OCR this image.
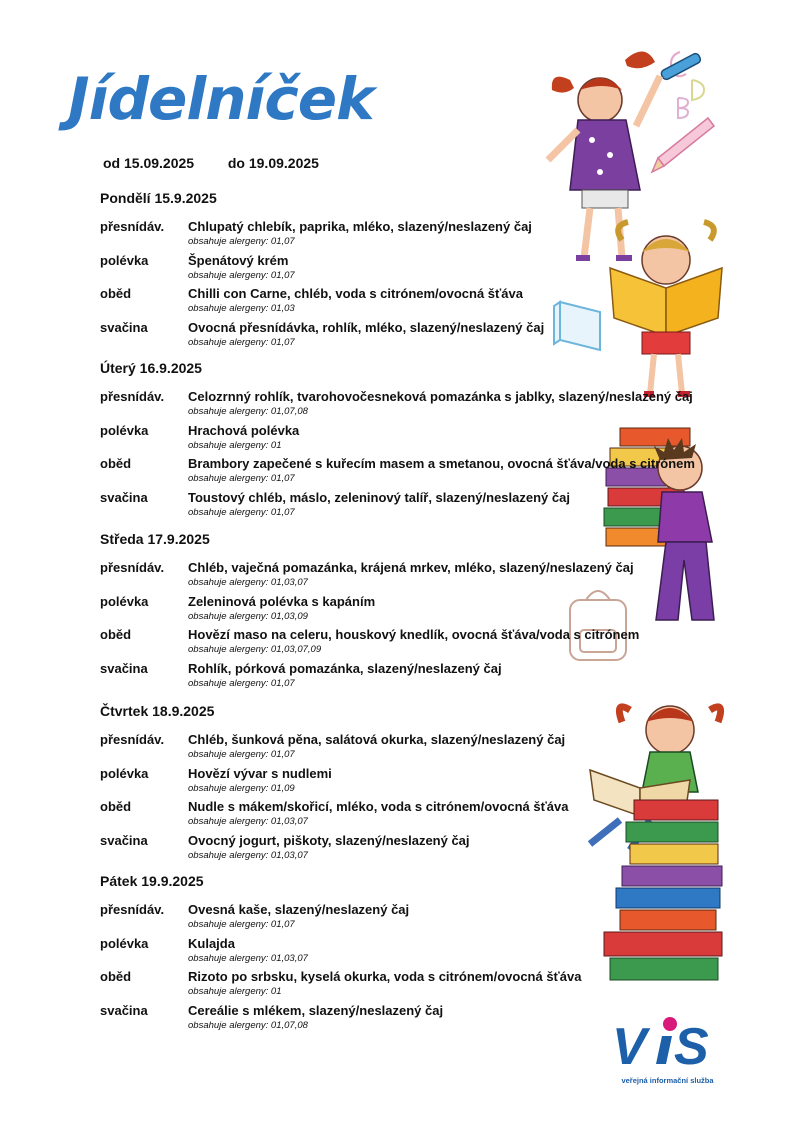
Jídelníček
od 15.09.2025 do 19.09.2025
Pondělí 15.9.2025
přesnídáv. Chlupatý chlebík, paprika, mléko, slazený/neslazený čaj
obsahuje alergeny: 01,07
polévka	Špenátový krém
obsahuje alergeny: 01,07
oběd	Chilli con Carne, chléb, voda s citrónem/ovocná šťáva
obsahuje alergeny: 01,03
svačina	Ovocná přesnídávka, rohlík, mléko, slazený/neslazený čaj
obsahuje alergeny: 01,07
Úterý 16.9.2025
přesnídáv. Celozrnný rohlík, tvarohovočesneková pomazánka s jablky, slazený/neslazený čaj
obsahuje alergeny: 01,07,08
polévka	Hrachová polévka
obsahuje alergeny: 01
oběd	Brambory zapečené s kuřecím masem a smetanou, ovocná šťáva/voda s citrónem
obsahuje alergeny: 01,07
svačina	Toustový chléb, máslo, zeleninový talíř, slazený/neslazený čaj
obsahuje alergeny: 01,07
Středa 17.9.2025
přesnídáv. Chléb, vaječná pomazánka, krájená mrkev, mléko, slazený/neslazený čaj
obsahuje alergeny: 01,03,07
polévka	Zeleninová polévka s kapáním
obsahuje alergeny: 01,03,09
oběd	Hovězí maso na celeru, houskový knedlík, ovocná šťáva/voda s citrónem
obsahuje alergeny: 01,03,07,09
svačina	Rohlík, pórková pomazánka, slazený/neslazený čaj
obsahuje alergeny: 01,07
Čtvrtek 18.9.2025
přesnídáv. Chléb, šunková pěna, salátová okurka, slazený/neslazený čaj
obsahuje alergeny: 01,07
polévka	Hovězí vývar s nudlemi
obsahuje alergeny: 01,09
oběd	Nudle s mákem/skořicí, mléko, voda s citrónem/ovocná šťáva
obsahuje alergeny: 01,03,07
svačina	Ovocný jogurt, piškoty, slazený/neslazený čaj
obsahuje alergeny: 01,03,07
Pátek 19.9.2025
přesnídáv. Ovesná kaše, slazený/neslazený čaj
obsahuje alergeny: 01,07
polévka	Kulajda
obsahuje alergeny: 01,03,07
oběd	Rizoto po srbsku, kyselá okurka, voda s citrónem/ovocná šťáva
obsahuje alergeny: 01
svačina	Cereálie s mlékem, slazený/neslazený čaj
obsahuje alergeny: 01,07,08	V S
veřejná informační služba
